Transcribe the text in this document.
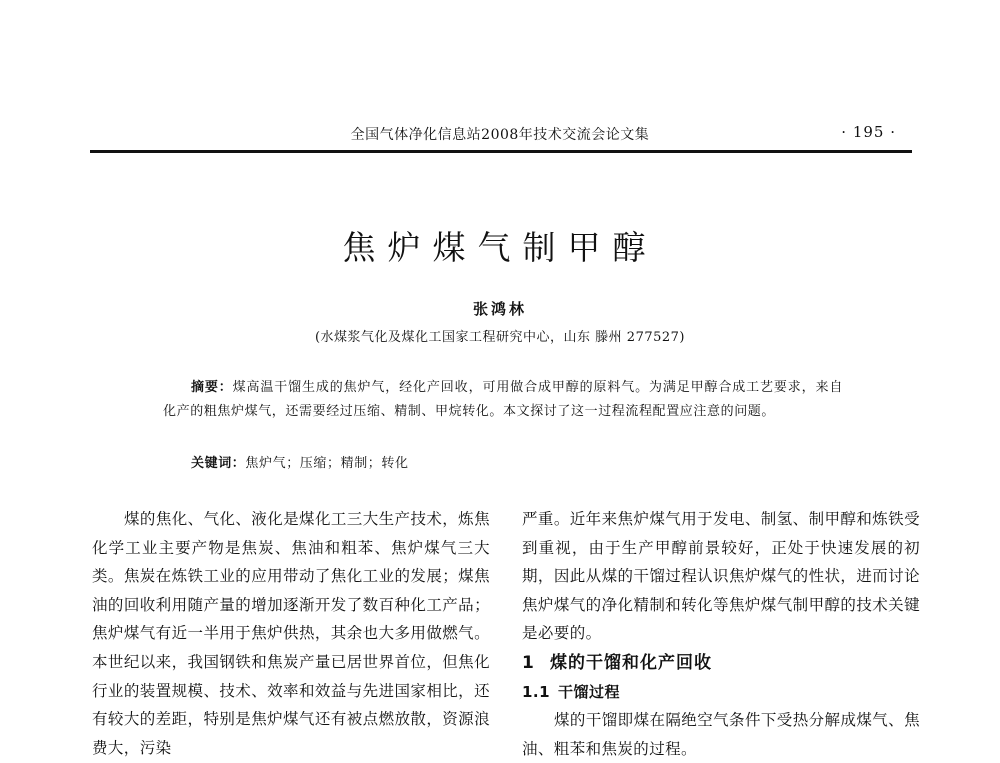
全国气体净化信息站2008年技术交流会论文集	· 195 ·
焦炉煤气制甲醇
张鸿林
(水煤浆气化及煤化工国家工程研究中心，山东 滕州 277527)
摘要：煤高温干馏生成的焦炉气，经化产回收，可用做合成甲醇的原料气。为满足甲醇合成工艺要求，来自化产的粗焦炉煤气，还需要经过压缩、精制、甲烷转化。本文探讨了这一过程流程配置应注意的问题。
关键词：焦炉气；压缩；精制；转化

煤的焦化、气化、液化是煤化工三大生产技术，炼焦化学工业主要产物是焦炭、焦油和粗苯、焦炉煤气三大类。焦炭在炼铁工业的应用带动了焦化工业的发展；煤焦油的回收利用随产量的增加逐渐开发了数百种化工产品；焦炉煤气有近一半用于焦炉供热，其余也大多用做燃气。本世纪以来，我国钢铁和焦炭产量已居世界首位，但焦化行业的装置规模、技术、效率和效益与先进国家相比，还有较大的差距，特别是焦炉煤气还有被点燃放散，资源浪费大，污染

严重。近年来焦炉煤气用于发电、制氢、制甲醇和炼铁受到重视，由于生产甲醇前景较好，正处于快速发展的初期，因此从煤的干馏过程认识焦炉煤气的性状，进而讨论焦炉煤气的净化精制和转化等焦炉煤气制甲醇的技术关键是必要的。

1 煤的干馏和化产回收
1.1 干馏过程

煤的干馏即煤在隔绝空气条件下受热分解成煤气、焦油、粗苯和焦炭的过程。
